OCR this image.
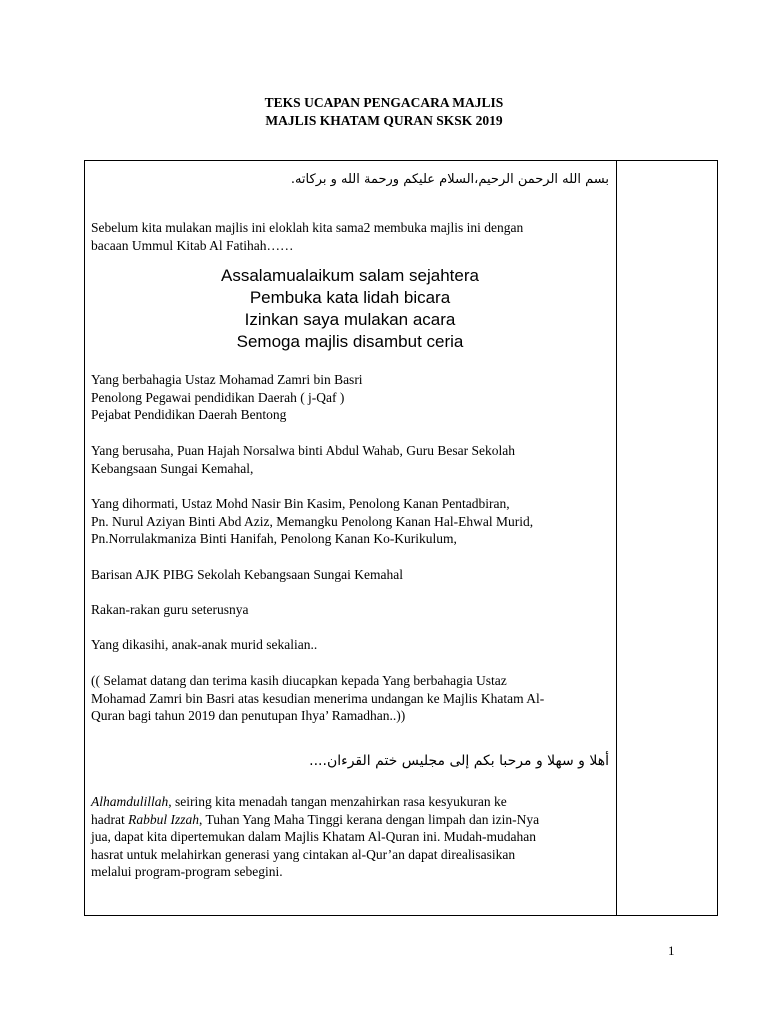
TEKS UCAPAN PENGACARA MAJLIS
MAJLIS KHATAM QURAN SKSK 2019
بسم الله الرحمن الرحيم،السلام عليكم ورحمة الله و بركاته.
Sebelum kita mulakan majlis ini eloklah kita sama2 membuka majlis ini dengan
bacaan Ummul Kitab Al Fatihah……
Assalamualaikum salam sejahtera
Pembuka kata lidah bicara
Izinkan saya mulakan acara
Semoga majlis disambut ceria
Yang berbahagia Ustaz Mohamad Zamri bin Basri
Penolong Pegawai pendidikan Daerah ( j-Qaf )
Pejabat Pendidikan Daerah Bentong
Yang berusaha, Puan Hajah Norsalwa binti Abdul Wahab, Guru Besar Sekolah
Kebangsaan Sungai Kemahal,
Yang dihormati, Ustaz Mohd Nasir Bin Kasim, Penolong Kanan Pentadbiran,
Pn. Nurul Aziyan Binti Abd Aziz, Memangku Penolong Kanan Hal-Ehwal Murid,
Pn.Norrulakmaniza Binti Hanifah, Penolong Kanan Ko-Kurikulum,
Barisan AJK PIBG Sekolah Kebangsaan Sungai Kemahal
Rakan-rakan guru seterusnya
Yang dikasihi, anak-anak murid sekalian..
(( Selamat datang dan terima kasih diucapkan kepada Yang berbahagia Ustaz
Mohamad Zamri bin Basri atas kesudian menerima undangan ke Majlis Khatam Al-
Quran bagi tahun 2019 dan penutupan Ihya’ Ramadhan..))
أهلا و سهلا و مرحبا بكم إلى مجليس ختم القرءان....
Alhamdulillah, seiring kita menadah tangan menzahirkan rasa kesyukuran ke
hadrat Rabbul Izzah, Tuhan Yang Maha Tinggi kerana dengan limpah dan izin-Nya
jua, dapat kita dipertemukan dalam Majlis Khatam Al-Quran ini. Mudah-mudahan
hasrat untuk melahirkan generasi yang cintakan al-Qur’an dapat direalisasikan
melalui program-program sebegini.
1
